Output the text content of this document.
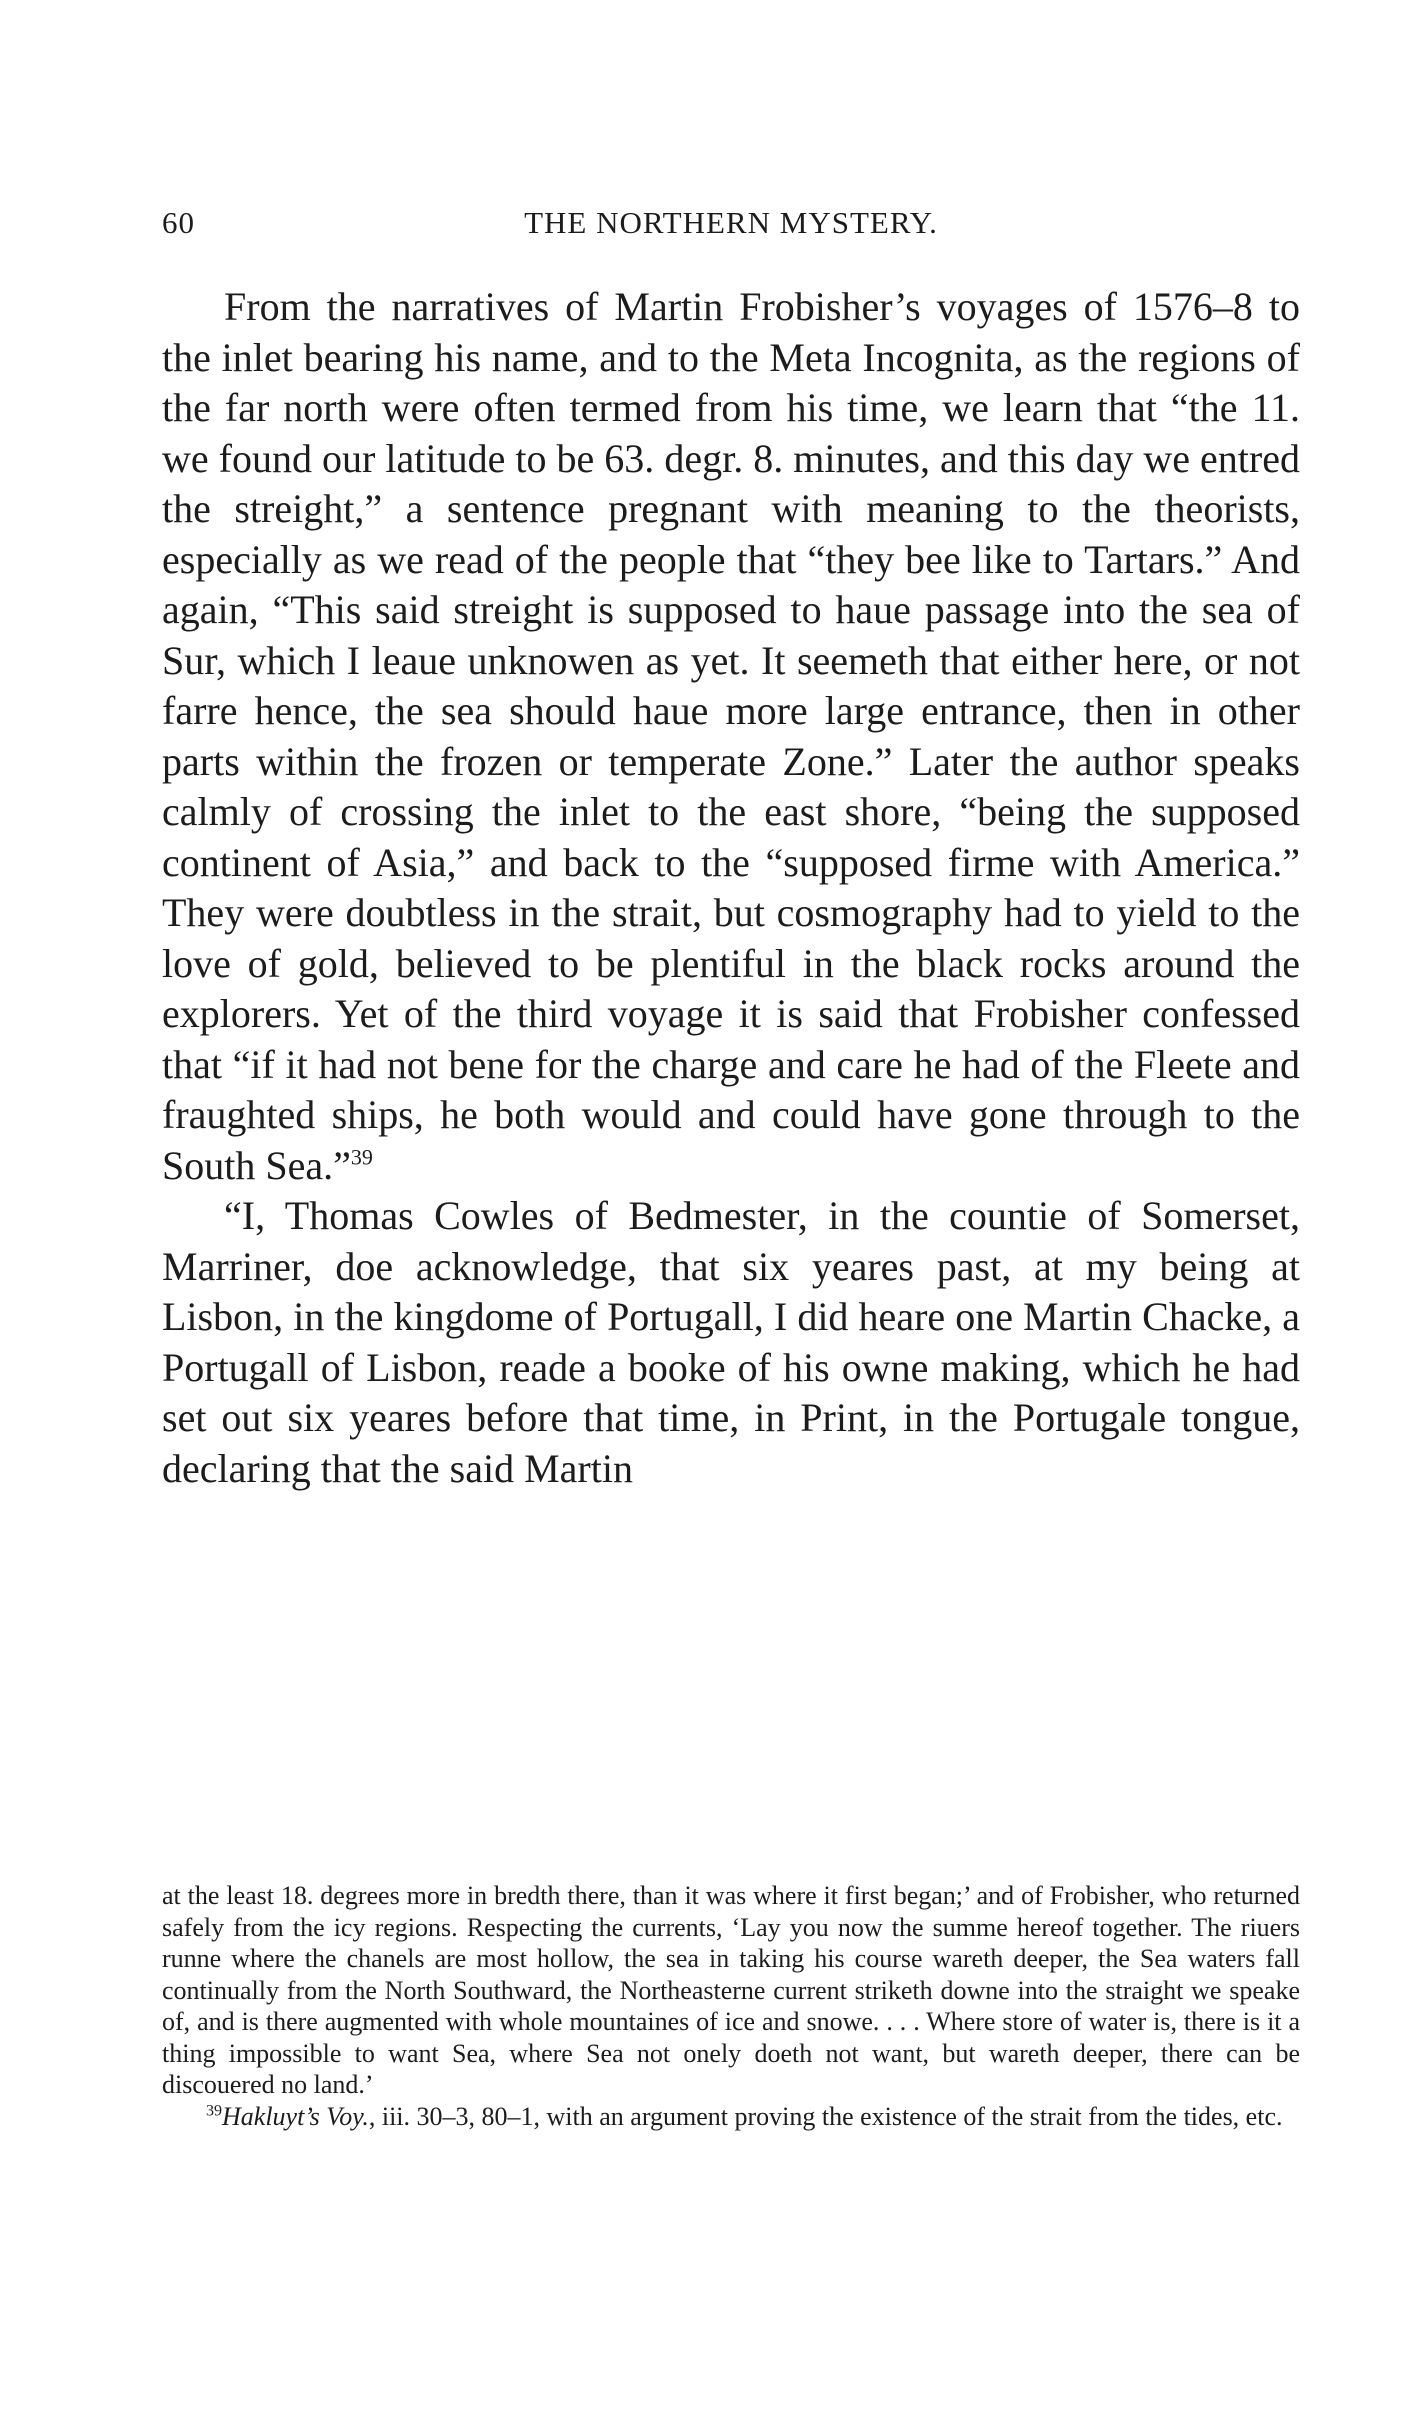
60	THE NORTHERN MYSTERY.

From the narratives of Martin Frobisher’s voyages of 1576–8 to the inlet bearing his name, and to the Meta Incognita, as the regions of the far north were often termed from his time, we learn that “the 11. we found our latitude to be 63. degr. 8. minutes, and this day we entred the streight,” a sentence pregnant with meaning to the theorists, especially as we read of the people that “they bee like to Tartars.” And again, “This said streight is supposed to haue passage into the sea of Sur, which I leaue unknowen as yet. It seemeth that either here, or not farre hence, the sea should haue more large entrance, then in other parts within the frozen or temperate Zone.” Later the author speaks calmly of crossing the inlet to the east shore, “being the supposed continent of Asia,” and back to the “supposed firme with America.” They were doubtless in the strait, but cosmography had to yield to the love of gold, believed to be plentiful in the black rocks around the explorers. Yet of the third voyage it is said that Frobisher confessed that “if it had not bene for the charge and care he had of the Fleete and fraughted ships, he both would and could have gone through to the South Sea.”$^{39}$

“I, Thomas Cowles of Bedmester, in the countie of Somerset, Marriner, doe acknowledge, that six yeares past, at my being at Lisbon, in the kingdome of Portugall, I did heare one Martin Chacke, a Portugall of Lisbon, reade a booke of his owne making, which he had set out six yeares before that time, in Print, in the Portugale tongue, declaring that the said Martin

at the least 18. degrees more in bredth there, than it was where it first began;’ and of Frobisher, who returned safely from the icy regions. Respecting the currents, ‘Lay you now the summe hereof together. The riuers runne where the chanels are most hollow, the sea in taking his course wareth deeper, the Sea waters fall continually from the North Southward, the Northeasterne current striketh downe into the straight we speake of, and is there augmented with whole mountaines of ice and snowe. . . . Where store of water is, there is it a thing impossible to want Sea, where Sea not onely doeth not want, but wareth deeper, there can be discouered no land.’

$^{39}$Hakluyt’s Voy., iii. 30–3, 80–1, with an argument proving the existence of the strait from the tides, etc.
